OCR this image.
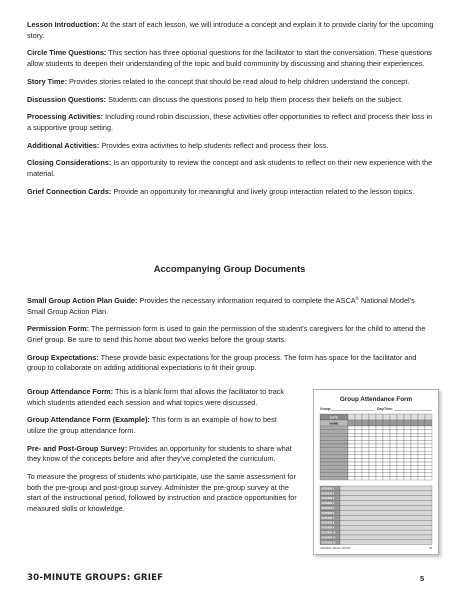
Lesson Introduction: At the start of each lesson, we will introduce a concept and explain it to provide clarity for the upcoming story.

Circle Time Questions: This section has three optional questions for the facilitator to start the conversation. These questions allow students to deepen their understanding of the topic and build community by discussing and sharing their experiences.

Story Time: Provides stories related to the concept that should be read aloud to help children understand the concept.

Discussion Questions: Students can discuss the questions posed to help them process their beliefs on the subject.

Processing Activities: Including round robin discussion, these activities offer opportunities to reflect and process their loss in a supportive group setting.

Additional Activities: Provides extra activities to help students reflect and process their loss.

Closing Considerations: Is an opportunity to review the concept and ask students to reflect on their new experience with the material.

Grief Connection Cards: Provide an opportunity for meaningful and lively group interaction related to the lesson topics.

Accompanying Group Documents

Small Group Action Plan Guide: Provides the necessary information required to complete the ASCA® National Model’s Small Group Action Plan.

Permission Form: The permission form is used to gain the permission of the student’s caregivers for the child to attend the Grief group. Be sure to send this home about two weeks before the group starts.

Group Expectations: These provide basic expectations for the group process. The form has space for the facilitator and group to collaborate on adding additional expectations to fit their group.

Group Attendance Form: This is a blank form that allows the facilitator to track which students attended each session and what topics were discussed.

Group Attendance Form (Example): This form is an example of how to best utilize the group attendance form.

Pre- and Post-Group Survey: Provides an opportunity for students to share what they know of the concepts before and after they’ve completed the curriculum.

To measure the progress of students who participate, use the same assessment for both the pre-group and post-group survey. Administer the pre-group survey at the start of the instructional period, followed by instruction and practice opportunities for measured skills or knowledge.

Group Attendance Form
Group:	Day/Time:
DATE
NAME
SESSION 1
SESSION 2
SESSION 3
SESSION 4
SESSION 5
SESSION 6
SESSION 7
SESSION 8
SESSION 9
SESSION 10
SESSION 11
SESSION 12
GRADES: SMALL GROUP	##
30-MINUTE GROUPS: GRIEF	5
